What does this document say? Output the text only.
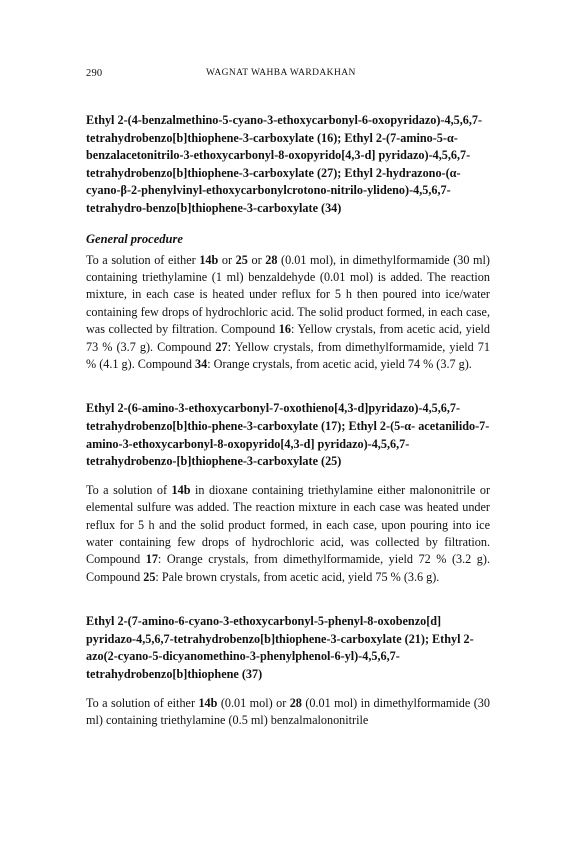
290	WAGNAT WAHBA WARDAKHAN

Ethyl 2-(4-benzalmethino-5-cyano-3-ethoxycarbonyl-6-oxopyridazo)-4,5,6,7-tetrahydrobenzo[b]thiophene-3-carboxylate (16); Ethyl 2-(7-amino-5-α-benzalacetonitrilo-3-ethoxycarbonyl-8-oxopyrido[4,3-d] pyridazo)-4,5,6,7-tetrahydrobenzo[b]thiophene-3-carboxylate (27); Ethyl 2-hydrazono-(α-cyano-β-2-phenylvinyl-ethoxycarbonylcrotono-nitrilo-ylideno)-4,5,6,7-tetrahydro-benzo[b]thiophene-3-carboxylate (34)

General procedure

To a solution of either 14b or 25 or 28 (0.01 mol), in dimethylformamide (30 ml) containing triethylamine (1 ml) benzaldehyde (0.01 mol) is added. The reaction mixture, in each case is heated under reflux for 5 h then poured into ice/water containing few drops of hydrochloric acid. The solid product formed, in each case, was collected by filtration. Compound 16: Yellow crystals, from acetic acid, yield 73 % (3.7 g). Compound 27: Yellow crystals, from dimethylformamide, yield 71 % (4.1 g). Compound 34: Orange crystals, from acetic acid, yield 74 % (3.7 g).

Ethyl 2-(6-amino-3-ethoxycarbonyl-7-oxothieno[4,3-d]pyridazo)-4,5,6,7-tetrahydrobenzo[b]thio-phene-3-carboxylate (17); Ethyl 2-(5-α- acetanilido-7-amino-3-ethoxycarbonyl-8-oxopyrido[4,3-d] pyridazo)-4,5,6,7-tetrahydrobenzo-[b]thiophene-3-carboxylate (25)

To a solution of 14b in dioxane containing triethylamine either malononitrile or elemental sulfure was added. The reaction mixture in each case was heated under reflux for 5 h and the solid product formed, in each case, upon pouring into ice water containing few drops of hydrochloric acid, was collected by filtration. Compound 17: Orange crystals, from dimethylformamide, yield 72 % (3.2 g). Compound 25: Pale brown crystals, from acetic acid, yield 75 % (3.6 g).

Ethyl 2-(7-amino-6-cyano-3-ethoxycarbonyl-5-phenyl-8-oxobenzo[d] pyridazo-4,5,6,7-tetrahydrobenzo[b]thiophene-3-carboxylate (21); Ethyl 2-azo(2-cyano-5-dicyanomethino-3-phenylphenol-6-yl)-4,5,6,7-tetrahydrobenzo[b]thiophene (37)

To a solution of either 14b (0.01 mol) or 28 (0.01 mol) in dimethylformamide (30 ml) containing triethylamine (0.5 ml) benzalmalononitrile
